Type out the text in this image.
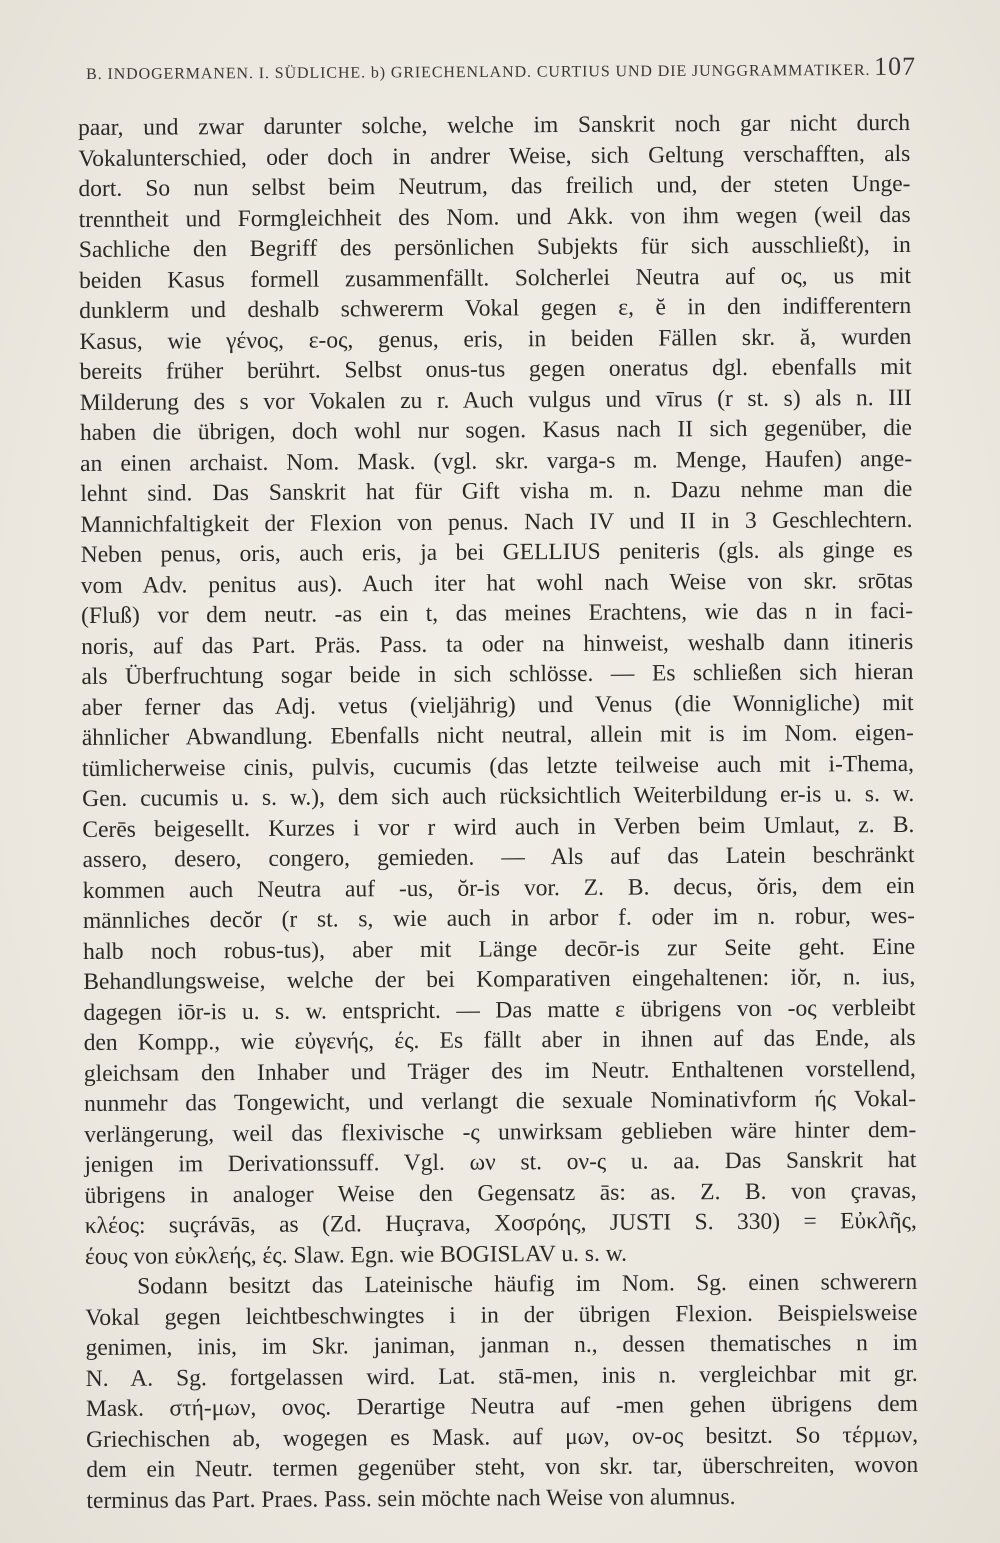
B. INDOGERMANEN. I. SÜDLICHE. b) GRIECHENLAND. CURTIUS UND DIE JUNGGRAMMATIKER. 107
paar, und zwar darunter solche, welche im Sanskrit noch gar nicht durch
Vokalunterschied, oder doch in andrer Weise, sich Geltung verschafften, als
dort. So nun selbst beim Neutrum, das freilich und, der steten Unge-
trenntheit und Formgleichheit des Nom. und Akk. von ihm wegen (weil das
Sachliche den Begriff des persönlichen Subjekts für sich ausschließt), in
beiden Kasus formell zusammenfällt. Solcherlei Neutra auf ος, us mit
dunklerm und deshalb schwererm Vokal gegen ε, ĕ in den indifferentern
Kasus, wie γένος, ε-ος, genus, eris, in beiden Fällen skr. ă, wurden
bereits früher berührt. Selbst onus-tus gegen oneratus dgl. ebenfalls mit
Milderung des s vor Vokalen zu r. Auch vulgus und vīrus (r st. s) als n. III
haben die übrigen, doch wohl nur sogen. Kasus nach II sich gegenüber, die
an einen archaist. Nom. Mask. (vgl. skr. varga-s m. Menge, Haufen) ange-
lehnt sind. Das Sanskrit hat für Gift visha m. n. Dazu nehme man die
Mannichfaltigkeit der Flexion von penus. Nach IV und II in 3 Geschlechtern.
Neben penus, oris, auch eris, ja bei GELLIUS peniteris (gls. als ginge es
vom Adv. penitus aus). Auch iter hat wohl nach Weise von skr. srōtas
(Fluß) vor dem neutr. -as ein t, das meines Erachtens, wie das n in faci-
noris, auf das Part. Präs. Pass. ta oder na hinweist, weshalb dann itineris
als Überfruchtung sogar beide in sich schlösse. — Es schließen sich hieran
aber ferner das Adj. vetus (vieljährig) und Venus (die Wonnigliche) mit
ähnlicher Abwandlung. Ebenfalls nicht neutral, allein mit is im Nom. eigen-
tümlicherweise cinis, pulvis, cucumis (das letzte teilweise auch mit i-Thema,
Gen. cucumis u. s. w.), dem sich auch rücksichtlich Weiterbildung er-is u. s. w.
Cerēs beigesellt. Kurzes i vor r wird auch in Verben beim Umlaut, z. B.
assero, desero, congero, gemieden. — Als auf das Latein beschränkt
kommen auch Neutra auf -us, ŏr-is vor. Z. B. decus, ŏris, dem ein
männliches decŏr (r st. s, wie auch in arbor f. oder im n. robur, wes-
halb noch robus-tus), aber mit Länge decōr-is zur Seite geht. Eine
Behandlungsweise, welche der bei Komparativen eingehaltenen: iŏr, n. ius,
dagegen iōr-is u. s. w. entspricht. — Das matte ε übrigens von -ος verbleibt
den Kompp., wie εὐγενής, ές. Es fällt aber in ihnen auf das Ende, als
gleichsam den Inhaber und Träger des im Neutr. Enthaltenen vorstellend,
nunmehr das Tongewicht, und verlangt die sexuale Nominativform ής Vokal-
verlängerung, weil das flexivische -ς unwirksam geblieben wäre hinter dem-
jenigen im Derivationssuff. Vgl. ων st. ον-ς u. aa. Das Sanskrit hat
übrigens in analoger Weise den Gegensatz ās: as. Z. B. von çravas,
κλέος: suçrávās, as (Zd. Huçrava, Χοσρόης, JUSTI S. 330) = Εὐκλῆς,
έους von εὐκλεής, ές. Slaw. Egn. wie BOGISLAV u. s. w.
Sodann besitzt das Lateinische häufig im Nom. Sg. einen schwerern
Vokal gegen leichtbeschwingtes i in der übrigen Flexion. Beispielsweise
genimen, inis, im Skr. janiman, janman n., dessen thematisches n im
N. A. Sg. fortgelassen wird. Lat. stā-men, inis n. vergleichbar mit gr.
Mask. στή-μων, ονος. Derartige Neutra auf -men gehen übrigens dem
Griechischen ab, wogegen es Mask. auf μων, ον-ος besitzt. So τέρμων,
dem ein Neutr. termen gegenüber steht, von skr. tar, überschreiten, wovon
terminus das Part. Praes. Pass. sein möchte nach Weise von alumnus.
